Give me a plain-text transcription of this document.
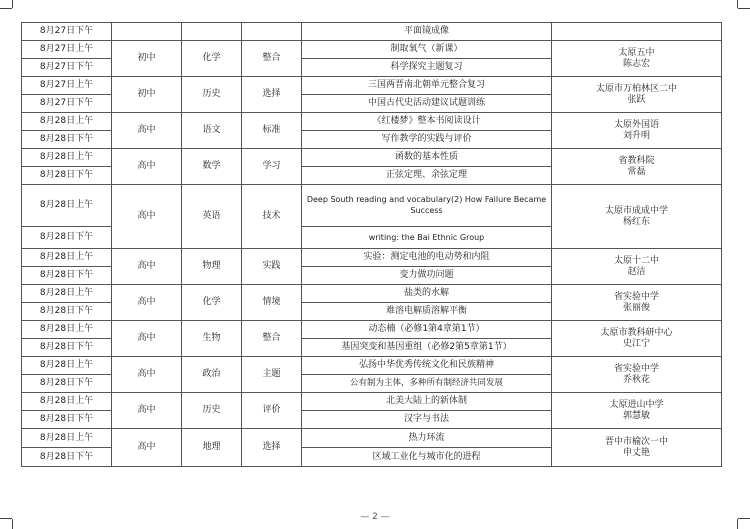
8月27日下午				平面镜成像	
8月27日上午	初中	化学	整合	制取氧气（新课）	太原五中
陈志宏

8月27日下午				科学探究主题复习	
8月27日上午	初中	历史	选择	三国两晋南北朝单元整合复习	太原市万柏林区二中
张跃

8月27日下午				中国古代史活动建议试题训练	
8月28日上午	高中	语文	标准	《红楼梦》整本书阅读设计	太原外国语
刘升明

8月28日下午				写作教学的实践与评价	
8月28日上午	高中	数学	学习	函数的基本性质	省教科院
常磊

8月28日下午				正弦定理、余弦定理	
8月28日上午	高中	英语	技术	Deep South reading and vocabulary(2) How Failure Became Success	太原市成成中学
杨红东

8月28日下午				writing: the Bai Ethnic Group	
8月28日上午	高中	物理	实践	实验：测定电池的电动势和内阻	太原十二中
赵洁

8月28日下午				变力做功问题	
8月28日上午	高中	化学	情境	盐类的水解	省实验中学
张丽俊

8月28日下午				难溶电解质溶解平衡	
8月28日上午	高中	生物	整合	动态楠（必修1第4章第1节）	太原市教科研中心
史江宁

8月28日下午				基因突变和基因重组（必修2第5章第1节）	
8月28日上午	高中	政治	主题	弘扬中华优秀传统文化和民族精神	省实验中学
乔秋花

8月28日下午				公有制为主体，多种所有制经济共同发展	
8月28日上午	高中	历史	评价	北美大陆上的新体制	太原进山中学
郭慧敏

8月28日下午				汉字与书法	
8月28日上午	高中	地理	选择	热力环流	晋中市榆次一中
申丈艳

8月28日下午				区域工业化与城市化的进程	
— 2 —
